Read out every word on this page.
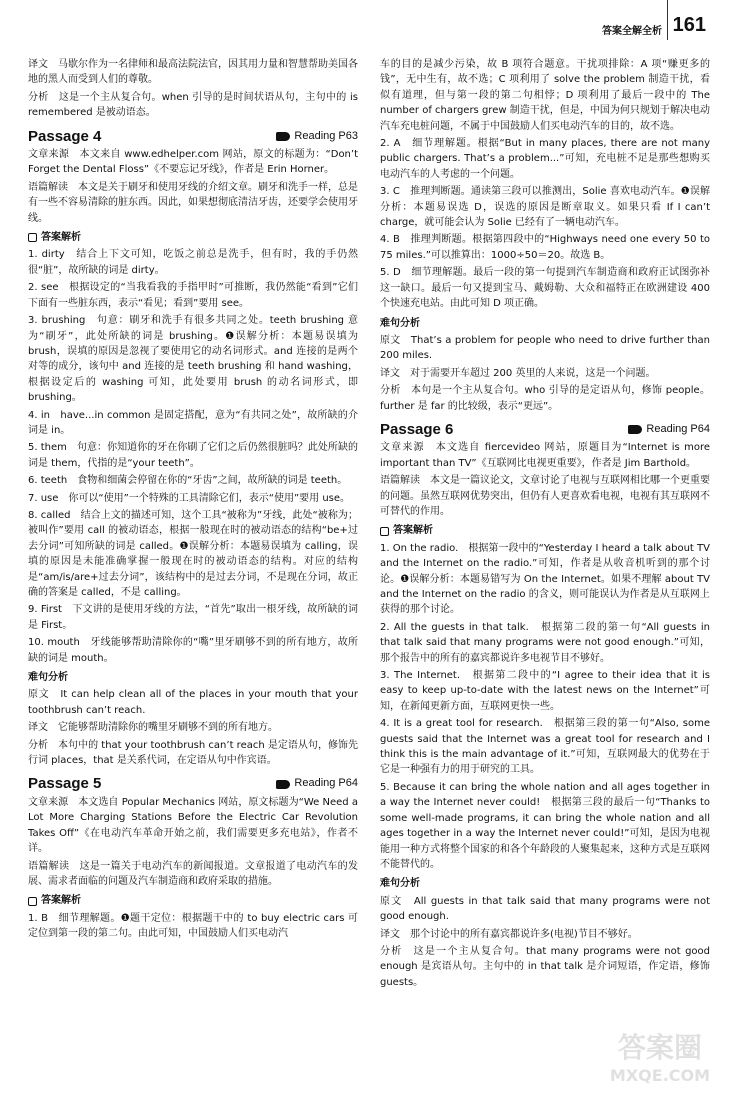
答案全解全析 161

译文　马歇尔作为一名律师和最高法院法官，因其用力量和智慧帮助美国各地的黑人而受到人们的尊敬。

分析　这是一个主从复合句。when 引导的是时间状语从句，主句中的 is remembered 是被动语态。

Passage 4	Reading P63

文章来源　本文来自 www.edhelper.com 网站，原文的标题为：“Don’t Forget the Dental Floss”《不要忘记牙线》，作者是 Erin Horner。

语篇解读　本文是关于刷牙和使用牙线的介绍文章。刷牙和洗手一样，总是有一些不容易清除的脏东西。因此，如果想彻底清洁牙齿，还要学会使用牙线。

答案解析

1. dirty　结合上下文可知，吃饭之前总是洗手，但有时，我的手仍然很“脏”，故所缺的词是 dirty。

2. see　根据设定的“当我看我的手指甲时”可推断，我仍然能“看到”它们下面有一些脏东西，表示“看见；看到”要用 see。

3. brushing　句意：刷牙和洗手有很多共同之处。teeth brushing 意为“刷牙”，此处所缺的词是 brushing。❶误解分析：本题易误填为 brush，误填的原因是忽视了要使用它的动名词形式。and 连接的是两个对等的成分，该句中 and 连接的是 teeth brushing 和 hand washing，根据设定后的 washing 可知，此处要用 brush 的动名词形式，即 brushing。

4. in　have...in common 是固定搭配，意为“有共同之处”，故所缺的介词是 in。

5. them　句意：你知道你的牙在你刷了它们之后仍然很脏吗？此处所缺的词是 them，代指的是“your teeth”。

6. teeth　食物和细菌会停留在你的“牙齿”之间，故所缺的词是 teeth。

7. use　你可以“使用”一个特殊的工具清除它们，表示“使用”要用 use。

8. called　结合上文的描述可知，这个工具“被称为”牙线，此处“被称为；被叫作”要用 call 的被动语态，根据一般现在时的被动语态的结构“be+过去分词”可知所缺的词是 called。❶误解分析：本题易误填为 calling，误填的原因是未能准确掌握一般现在时的被动语态的结构。对应的结构是“am/is/are+过去分词”，该结构中的是过去分词，不是现在分词，故正确的答案是 called，不是 calling。

9. First　下文讲的是使用牙线的方法，“首先”取出一根牙线，故所缺的词是 First。

10. mouth　牙线能够帮助清除你的“嘴”里牙刷够不到的所有地方，故所缺的词是 mouth。

难句分析

原文　It can help clean all of the places in your mouth that your toothbrush can’t reach.

译文　它能够帮助清除你的嘴里牙刷够不到的所有地方。

分析　本句中的 that your toothbrush can’t reach 是定语从句，修饰先行词 places，that 是关系代词，在定语从句中作宾语。

Passage 5	Reading P64

文章来源　本文选自 Popular Mechanics 网站，原文标题为“We Need a Lot More Charging Stations Before the Electric Car Revolution Takes Off”《在电动汽车革命开始之前，我们需要更多充电站》，作者不详。

语篇解读　这是一篇关于电动汽车的新闻报道。文章报道了电动汽车的发展、需求者面临的问题及汽车制造商和政府采取的措施。

答案解析

1. B　细节理解题。❶题干定位：根据题干中的 to buy electric cars 可定位到第一段的第二句。由此可知，中国鼓励人们买电动汽

车的目的是减少污染，故 B 项符合题意。干扰项排除：A 项“赚更多的钱”，无中生有，故不选；C 项利用了 solve the problem 制造干扰，看似有道理，但与第一段的第二句相悖；D 项利用了最后一段中的 The number of chargers grew 制造干扰，但是，中国为何只规划于解决电动汽车充电桩问题，不属于中国鼓励人们买电动汽车的目的，故不选。

2. A　细节理解题。根据“But in many places, there are not many public chargers. That’s a problem...”可知，充电桩不足是那些想购买电动汽车的人考虑的一个问题。

3. C　推理判断题。通读第三段可以推测出，Solie 喜欢电动汽车。❶误解分析：本题易误选 D，误选的原因是断章取义。如果只看 If I can’t charge，就可能会认为 Solie 已经有了一辆电动汽车。

4. B　推理判断题。根据第四段中的“Highways need one every 50 to 75 miles.”可以推算出：1000÷50＝20。故选 B。

5. D　细节理解题。最后一段的第一句提到汽车制造商和政府正试图弥补这一缺口。最后一句又提到宝马、戴姆勒、大众和福特正在欧洲建设 400 个快速充电站。由此可知 D 项正确。

难句分析

原文　That’s a problem for people who need to drive further than 200 miles.

译文　对于需要开车超过 200 英里的人来说，这是一个问题。

分析　本句是一个主从复合句。who 引导的是定语从句，修饰 people。further 是 far 的比较级，表示“更远”。

Passage 6	Reading P64

文章来源　本文选自 fiercevideo 网站，原题目为“Internet is more important than TV”《互联网比电视更重要》，作者是 Jim Barthold。

语篇解读　本文是一篇议论文，文章讨论了电视与互联网相比哪一个更重要的问题。虽然互联网优势突出，但仍有人更喜欢看电视，电视有其互联网不可替代的作用。

答案解析

1. On the radio.　根据第一段中的“Yesterday I heard a talk about TV and the Internet on the radio.”可知，作者是从收音机听到的那个讨论。❶误解分析：本题易错写为 On the Internet。如果不理解 about TV and the Internet on the radio 的含义，则可能误认为作者是从互联网上获得的那个讨论。

2. All the guests in that talk.　根据第二段的第一句“All guests in that talk said that many programs were not good enough.”可知，那个报告中的所有的嘉宾都说许多电视节目不够好。

3. The Internet.　根据第二段中的“I agree to their idea that it is easy to keep up-to-date with the latest news on the Internet”可知，在新闻更新方面，互联网更快一些。

4. It is a great tool for research.　根据第三段的第一句“Also, some guests said that the Internet was a great tool for research and I think this is the main advantage of it.”可知，互联网最大的优势在于它是一种强有力的用于研究的工具。

5. Because it can bring the whole nation and all ages together in a way the Internet never could!　根据第三段的最后一句“Thanks to some well-made programs, it can bring the whole nation and all ages together in a way the Internet never could!”可知，是因为电视能用一种方式将整个国家的和各个年龄段的人聚集起来，这种方式是互联网不能替代的。

难句分析

原文　All guests in that talk said that many programs were not good enough.

译文　那个讨论中的所有嘉宾都说许多(电视)节目不够好。

分析　这是一个主从复合句。that many programs were not good enough 是宾语从句。主句中的 in that talk 是介词短语，作定语，修饰 guests。

答案圈
MXQE.COM
